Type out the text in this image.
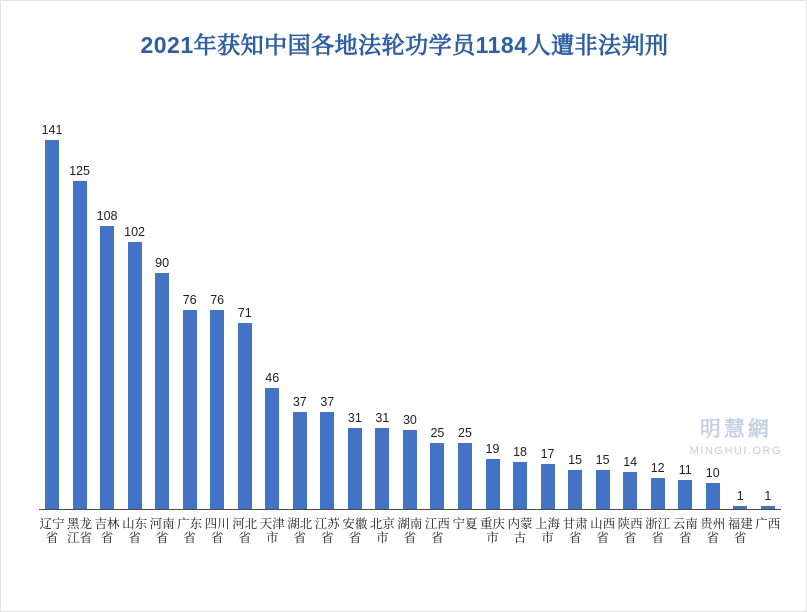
2021年获知中国各地法轮功学员1184人遭非法判刑
141
125
108
102
90
76 76
71
46
37 37
31 31 30
25 25
19 18 17 15 15 14 12 11 10
1 1
辽宁省
黑龙江省
吉林省
山东省
河南省
广东省
四川省
河北省
天津市
湖北省
江苏省
安徽省
北京市
湖南省
江西省
宁夏 重庆市
内蒙古
上海市
甘肃省
山西省
陕西省
浙江省
云南省
贵州省
福建省
广西
明慧網
MINGHUI.ORG
